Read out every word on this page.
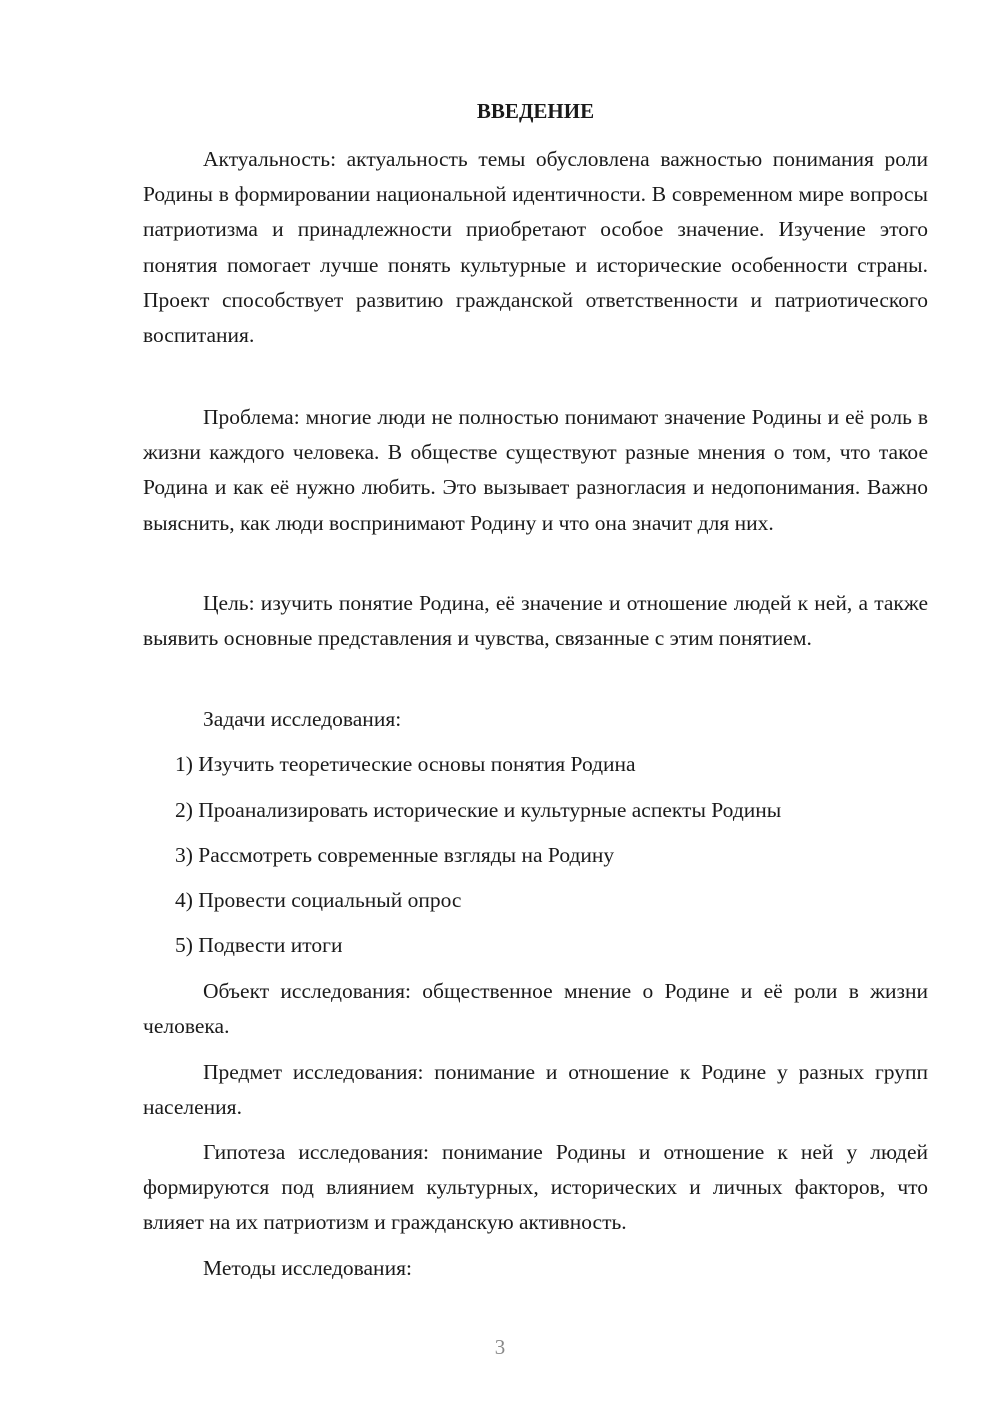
ВВЕДЕНИЕ

Актуальность: актуальность темы обусловлена важностью понимания роли Родины в формировании национальной идентичности. В современном мире вопросы патриотизма и принадлежности приобретают особое значение. Изучение этого понятия помогает лучше понять культурные и исторические особенности страны. Проект способствует развитию гражданской ответственности и патриотического воспитания.

Проблема: многие люди не полностью понимают значение Родины и её роль в жизни каждого человека. В обществе существуют разные мнения о том, что такое Родина и как её нужно любить. Это вызывает разногласия и недопонимания. Важно выяснить, как люди воспринимают Родину и что она значит для них.

Цель: изучить понятие Родина, её значение и отношение людей к ней, а также выявить основные представления и чувства, связанные с этим понятием.

Задачи исследования:

1) Изучить теоретические основы понятия Родина

2) Проанализировать исторические и культурные аспекты Родины

3) Рассмотреть современные взгляды на Родину

4) Провести социальный опрос

5) Подвести итоги

Объект исследования: общественное мнение о Родине и её роли в жизни человека.

Предмет исследования: понимание и отношение к Родине у разных групп населения.

Гипотеза исследования: понимание Родины и отношение к ней у людей формируются под влиянием культурных, исторических и личных факторов, что влияет на их патриотизм и гражданскую активность.

Методы исследования:

3
